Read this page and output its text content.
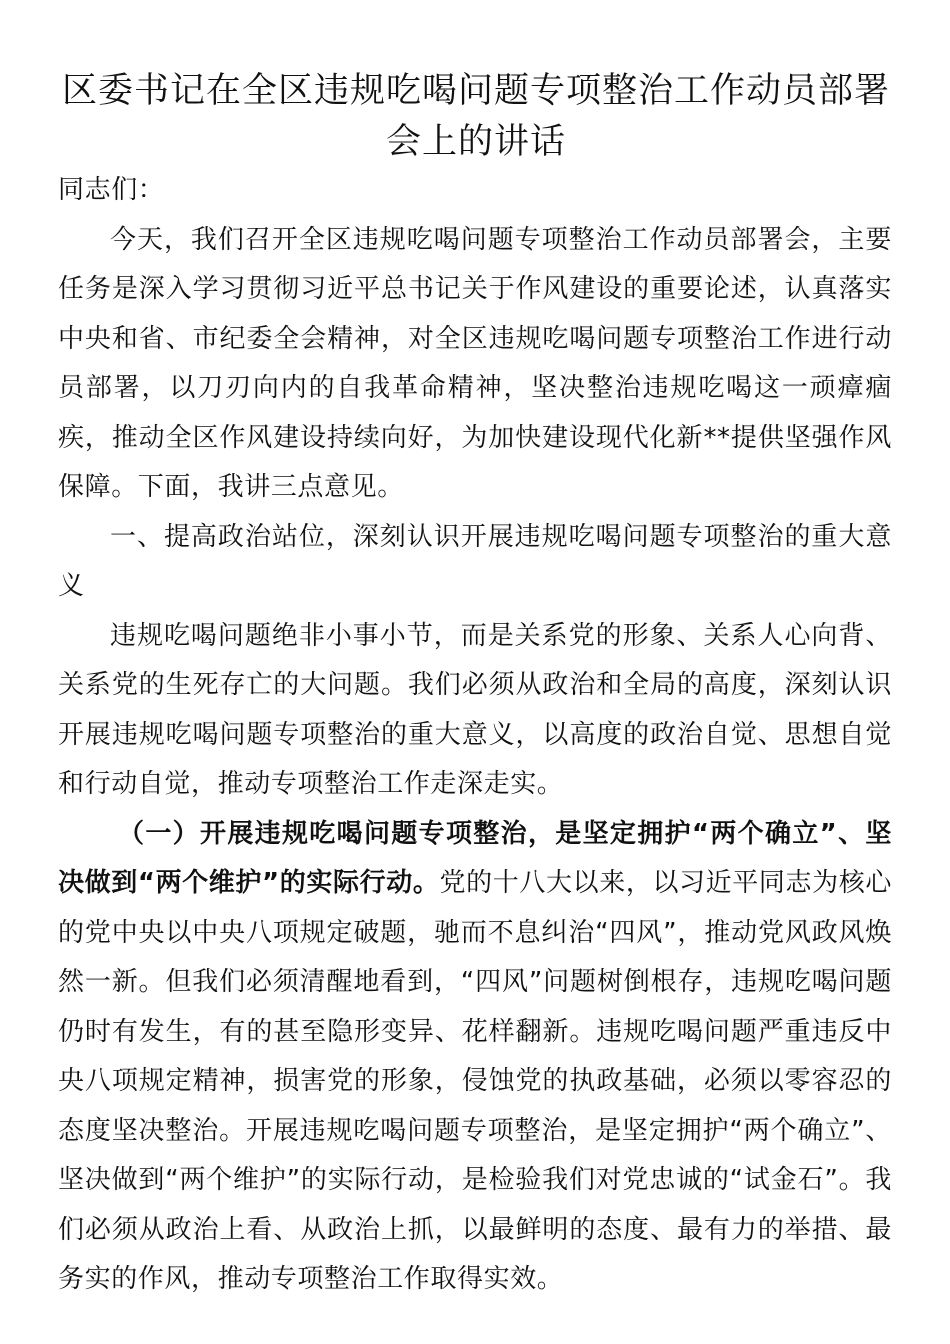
区委书记在全区违规吃喝问题专项整治工作动员部署会上的讲话

同志们：

今天，我们召开全区违规吃喝问题专项整治工作动员部署会，主要任务是深入学习贯彻习近平总书记关于作风建设的重要论述，认真落实中央和省、市纪委全会精神，对全区违规吃喝问题专项整治工作进行动员部署，以刀刃向内的自我革命精神，坚决整治违规吃喝这一顽瘴痼疾，推动全区作风建设持续向好，为加快建设现代化新**提供坚强作风保障。下面，我讲三点意见。

一、提高政治站位，深刻认识开展违规吃喝问题专项整治的重大意义

违规吃喝问题绝非小事小节，而是关系党的形象、关系人心向背、关系党的生死存亡的大问题。我们必须从政治和全局的高度，深刻认识开展违规吃喝问题专项整治的重大意义，以高度的政治自觉、思想自觉和行动自觉，推动专项整治工作走深走实。

（一）开展违规吃喝问题专项整治，是坚定拥护“两个确立”、坚决做到“两个维护”的实际行动。党的十八大以来，以习近平同志为核心的党中央以中央八项规定破题，驰而不息纠治“四风”，推动党风政风焕然一新。但我们必须清醒地看到，“四风”问题树倒根存，违规吃喝问题仍时有发生，有的甚至隐形变异、花样翻新。违规吃喝问题严重违反中央八项规定精神，损害党的形象，侵蚀党的执政基础，必须以零容忍的态度坚决整治。开展违规吃喝问题专项整治，是坚定拥护“两个确立”、坚决做到“两个维护”的实际行动，是检验我们对党忠诚的“试金石”。我们必须从政治上看、从政治上抓，以最鲜明的态度、最有力的举措、最务实的作风，推动专项整治工作取得实效。
